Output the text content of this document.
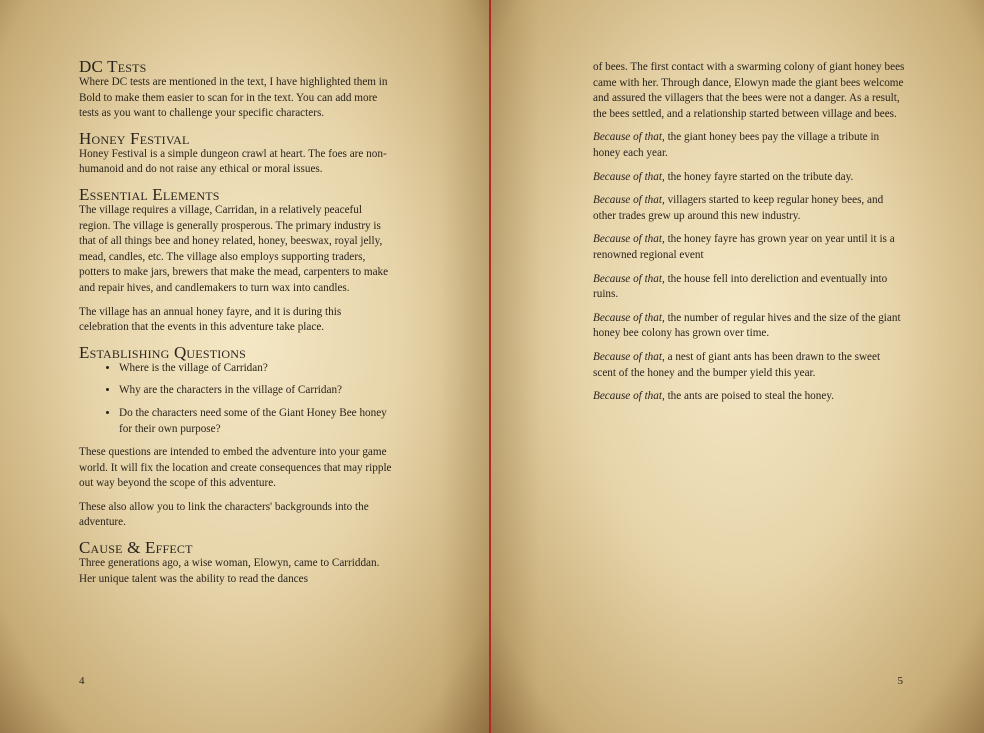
DC Tests

Where DC tests are mentioned in the text, I have highlighted them in Bold to make them easier to scan for in the text. You can add more tests as you want to challenge your specific characters.

Honey Festival

Honey Festival is a simple dungeon crawl at heart. The foes are non-humanoid and do not raise any ethical or moral issues.

Essential Elements

The village requires a village, Carridan, in a relatively peaceful region. The village is generally prosperous. The primary industry is that of all things bee and honey related, honey, beeswax, royal jelly, mead, candles, etc. The village also employs supporting traders, potters to make jars, brewers that make the mead, carpenters to make and repair hives, and candlemakers to turn wax into candles.

The village has an annual honey fayre, and it is during this celebration that the events in this adventure take place.

Establishing Questions
• Where is the village of Carridan?
• Why are the characters in the village of Carridan?
• Do the characters need some of the Giant Honey Bee honey for their own purpose?

These questions are intended to embed the adventure into your game world. It will fix the location and create consequences that may ripple out way beyond the scope of this adventure.

These also allow you to link the characters' backgrounds into the adventure.

Cause & Effect

Three generations ago, a wise woman, Elowyn, came to Carriddan. Her unique talent was the ability to read the dances

4

of bees. The first contact with a swarming colony of giant honey bees came with her. Through dance, Elowyn made the giant bees welcome and assured the villagers that the bees were not a danger. As a result, the bees settled, and a relationship started between village and bees.

Because of that, the giant honey bees pay the village a tribute in honey each year.

Because of that, the honey fayre started on the tribute day.

Because of that, villagers started to keep regular honey bees, and other trades grew up around this new industry.

Because of that, the honey fayre has grown year on year until it is a renowned regional event

Because of that, the house fell into dereliction and eventually into ruins.

Because of that, the number of regular hives and the size of the giant honey bee colony has grown over time.

Because of that, a nest of giant ants has been drawn to the sweet scent of the honey and the bumper yield this year.

Because of that, the ants are poised to steal the honey.

5
